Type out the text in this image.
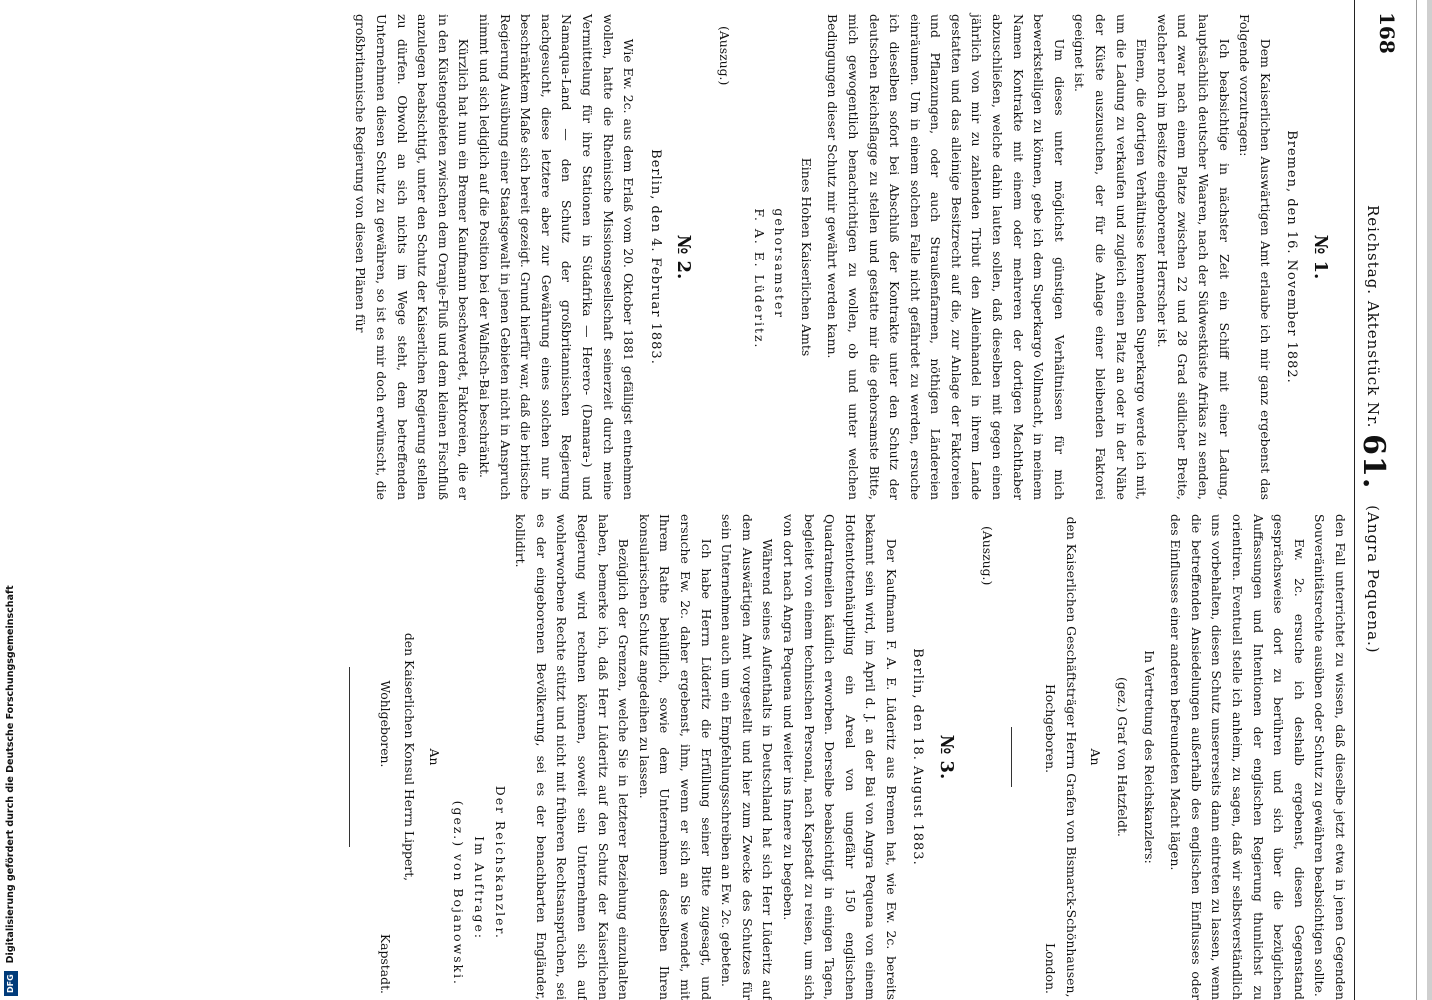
168
Reichstag. Aktenstück Nr. 61. (Angra Pequena.)
№ 1.
Bremen, den 16. November 1882.

Dem Kaiserlichen Auswärtigen Amt erlaube ich mir ganz ergebenst das Folgende vorzutragen:

Ich beabsichtige in nächster Zeit ein Schiff mit einer Ladung, hauptsächlich deutscher Waaren, nach der Südwestküste Afrikas zu senden, und zwar nach einem Platze zwischen 22 und 28 Grad südlicher Breite, welcher noch im Besitze eingeborener Herrscher ist.

Einem, die dortigen Verhältnisse kennenden Superkargo werde ich mit, um die Ladung zu verkaufen und zugleich einen Platz an oder in der Nähe der Küste auszusuchen, der für die Anlage einer bleibenden Faktorei geeignet ist.

Um dieses unter möglichst günstigen Verhältnissen für mich bewerkstelligen zu können, gebe ich dem Superkargo Vollmacht, in meinem Namen Kontrakte mit einem oder mehreren der dortigen Machthaber abzuschließen, welche dahin lauten sollen, daß dieselben mit gegen einen jährlich von mir zu zahlenden Tribut den Alleinhandel in ihrem Lande gestatten und das alleinige Besitzrecht auf die, zur Anlage der Faktoreien und Pflanzungen, oder auch Straußenfarmen, nöthigen Ländereien einräumen. Um in einem solchen Falle nicht gefährdet zu werden, ersuche ich dieselben sofort bei Abschluß der Kontrakte unter den Schutz der deutschen Reichsflagge zu stellen und gestatte mir die gehorsamste Bitte, mich gewogentlich benachrichtigen zu wollen, ob und unter welchen Bedingungen dieser Schutz mir gewährt werden kann.

Eines Hohen Kaiserlichen Amts
gehorsamster
F. A. E. Lüderitz.
(Auszug.)
№ 2.
Berlin, den 4. Februar 1883.

Wie Ew. 2c. aus dem Erlaß vom 20. Oktober 1881 gefälligst entnehmen wollen, hatte die Rheinische Missionsgesellschaft seinerzeit durch meine Vermittelung für ihre Stationen in Südafrika — Herero- (Damara-) und Namaqua-Land — den Schutz der großbritannischen Regierung nachgesucht, diese letztere aber zur Gewährung eines solchen nur in beschränktem Maße sich bereit gezeigt. Grund hierfür war, daß die britische Regierung Ausübung einer Staatsgewalt in jenen Gebieten nicht in Anspruch nimmt und sich lediglich auf die Position bei der Walfisch-Bai beschränkt.

Kürzlich hat nun ein Bremer Kaufmann beschwerdet, Faktoreien, die er in den Küstengebieten zwischen dem Oranje-Fluß und dem kleinen Fischfluß anzulegen beabsichtigt, unter den Schutz der Kaiserlichen Regierung stellen zu dürfen. Obwohl an sich nichts im Wege steht, dem betreffenden Unternehmen diesen Schutz zu gewähren, so ist es mir doch erwünscht, die großbritannische Regierung von diesen Plänen für

den Fall unterrichtet zu wissen, daß dieselbe jetzt etwa in jenen Gegenden Souveränitätsrechte ausüben oder Schutz zu gewähren beabsichtigen sollte.

Ew. 2c. ersuche ich deshalb ergebenst, diesen Gegenstand gesprächsweise dort zu berühren und sich über die bezüglichen Auffassungen und Intentionen der englischen Regierung thunlichst zu orientiren. Eventuell stelle ich anheim, zu sagen, daß wir selbstverständlich uns vorbehalten, diesen Schutz unsererseits dann eintreten zu lassen, wenn die betreffenden Ansiedelungen außerhalb des englischen Einflusses oder des Einflusses einer anderen befreundeten Macht lägen.

In Vertretung des Reichskanzlers:
(gez.) Graf von Hatzfeldt.
An
den Kaiserlichen Geschäftsträger Herrn Grafen von Bismarck-Schönhausen, Hochgeboren.
London.
(Auszug.)
№ 3.
Berlin, den 18. August 1883.

Der Kaufmann F. A. E. Lüderitz aus Bremen hat, wie Ew. 2c. bereits bekannt sein wird, im April d. J. an der Bai von Angra Pequena von einem Hottentottenhäuptling ein Areal von ungefähr 150 englischen Quadratmeilen käuflich erworben. Derselbe beabsichtigt in einigen Tagen, begleitet von einem technischen Personal, nach Kapstadt zu reisen, um sich von dort nach Angra Pequena und weiter ins Innere zu begeben.

Während seines Aufenthalts in Deutschland hat sich Herr Lüderitz auf dem Auswärtigen Amt vorgestellt und hier zum Zwecke des Schutzes für sein Unternehmen auch um ein Empfehlungsschreiben an Ew. 2c. gebeten.

Ich habe Herrn Lüderitz die Erfüllung seiner Bitte zugesagt, und ersuche Ew. 2c. daher ergebenst, ihm, wenn er sich an Sie wendet, mit Ihrem Rathe behülflich, sowie dem Unternehmen desselben Ihren konsularischen Schutz angedeihen zu lassen.

Bezüglich der Grenzen, welche Sie in letzterer Beziehung einzuhalten haben, bemerke ich, daß Herr Lüderitz auf den Schutz der Kaiserlichen Regierung wird rechnen können, soweit sein Unternehmen sich auf wohlerworbene Rechte stützt und nicht mit früheren Rechtsansprüchen, sei es der eingeborenen Bevölkerung, sei es der benachbarten Engländer, kollidirt.

Der Reichskanzler.
Im Auftrage:
(gez.) von Bojanowski.
An
den Kaiserlichen Konsul Herrn Lippert,
Wohlgeboren.
Kapstadt.
DFG
Digitalisierung gefördert durch die Deutsche Forschungsgemeinschaft
